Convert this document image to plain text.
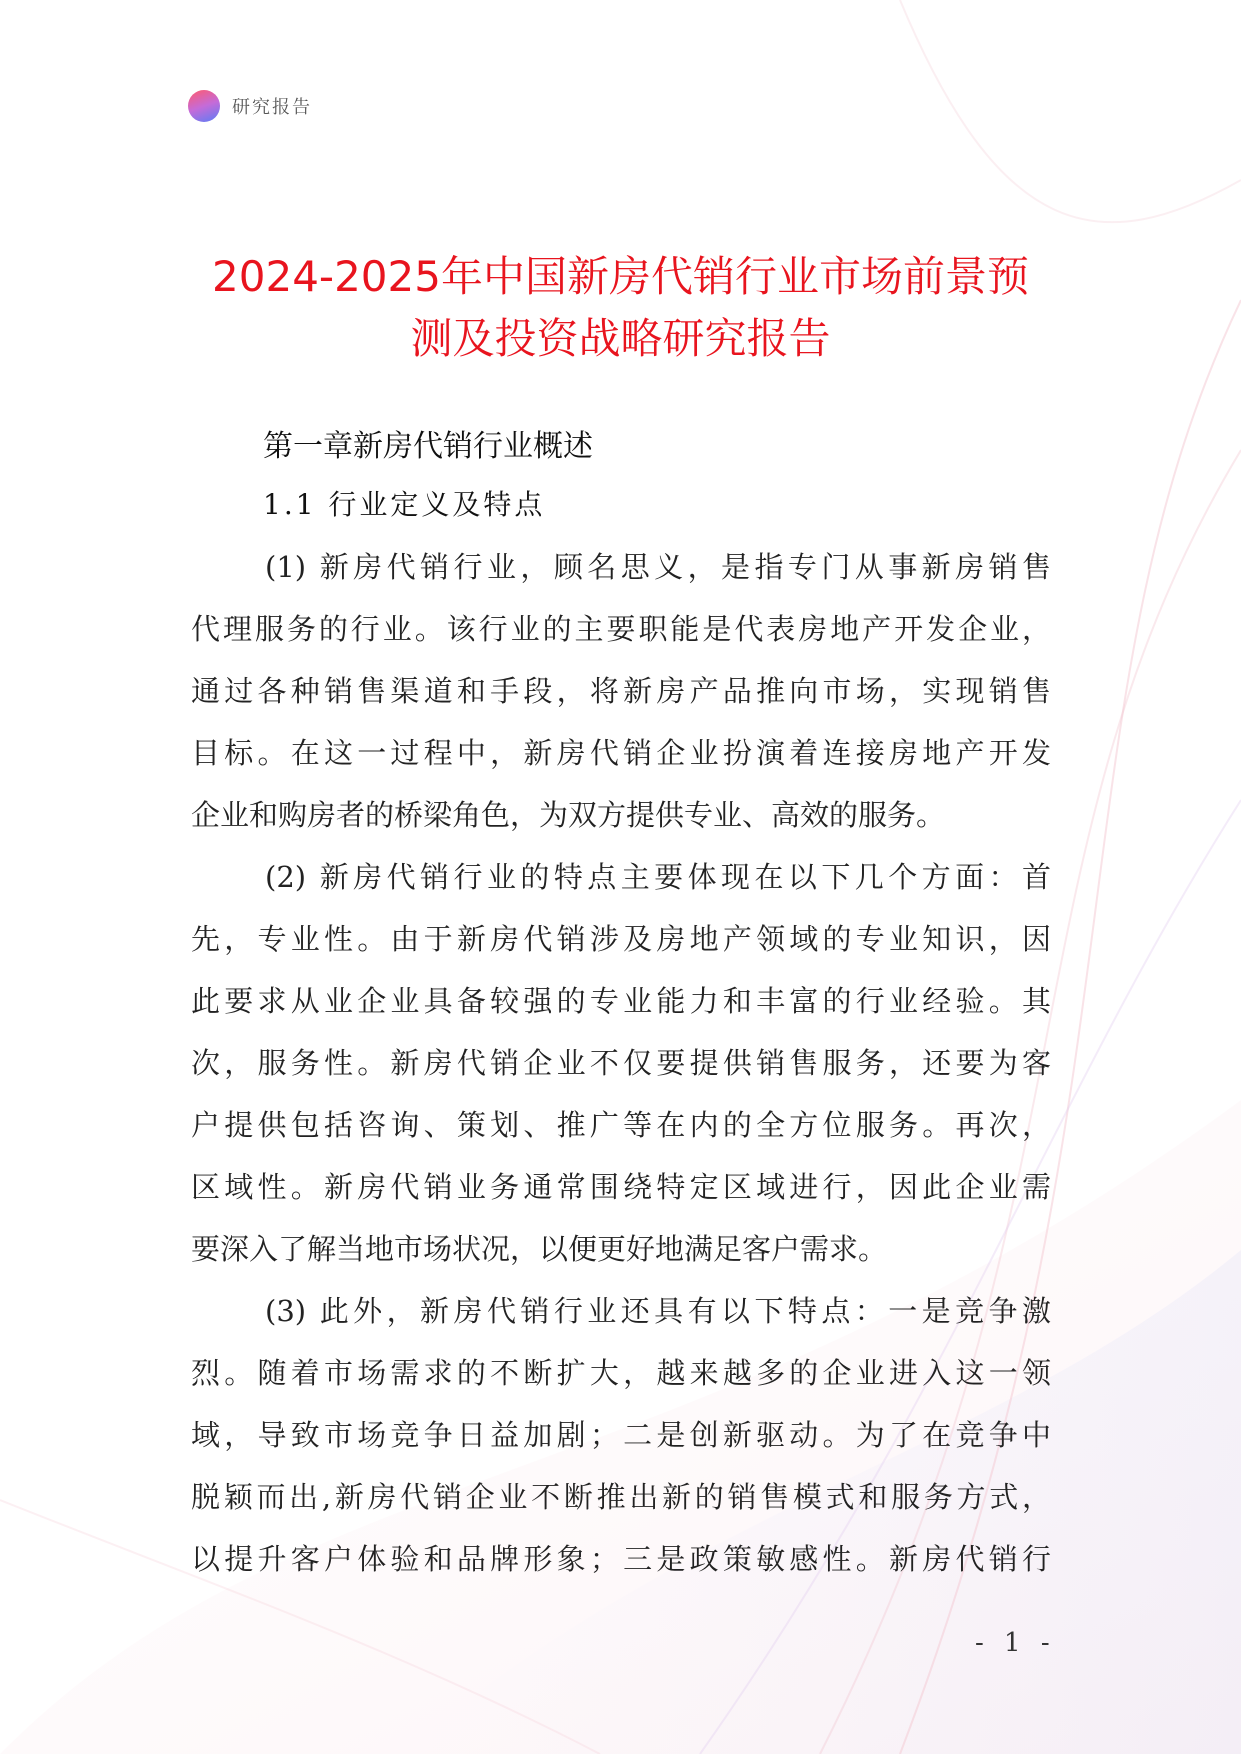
研究报告
2024-2025年中国新房代销行业市场前景预
测及投资战略研究报告
第一章新房代销行业概述
1.1 行业定义及特点
(1) 新房代销行业，顾名思义，是指专门从事新房销售
代理服务的行业。该行业的主要职能是代表房地产开发企业，
通过各种销售渠道和手段，将新房产品推向市场，实现销售
目标。在这一过程中，新房代销企业扮演着连接房地产开发
企业和购房者的桥梁角色，为双方提供专业、高效的服务。
(2) 新房代销行业的特点主要体现在以下几个方面：首
先，专业性。由于新房代销涉及房地产领域的专业知识，因
此要求从业企业具备较强的专业能力和丰富的行业经验。其
次，服务性。新房代销企业不仅要提供销售服务，还要为客
户提供包括咨询、策划、推广等在内的全方位服务。再次，
区域性。新房代销业务通常围绕特定区域进行，因此企业需
要深入了解当地市场状况，以便更好地满足客户需求。
(3) 此外，新房代销行业还具有以下特点：一是竞争激
烈。随着市场需求的不断扩大，越来越多的企业进入这一领
域，导致市场竞争日益加剧；二是创新驱动。为了在竞争中
脱颖而出,新房代销企业不断推出新的销售模式和服务方式，
以提升客户体验和品牌形象；三是政策敏感性。新房代销行
- 1 -
